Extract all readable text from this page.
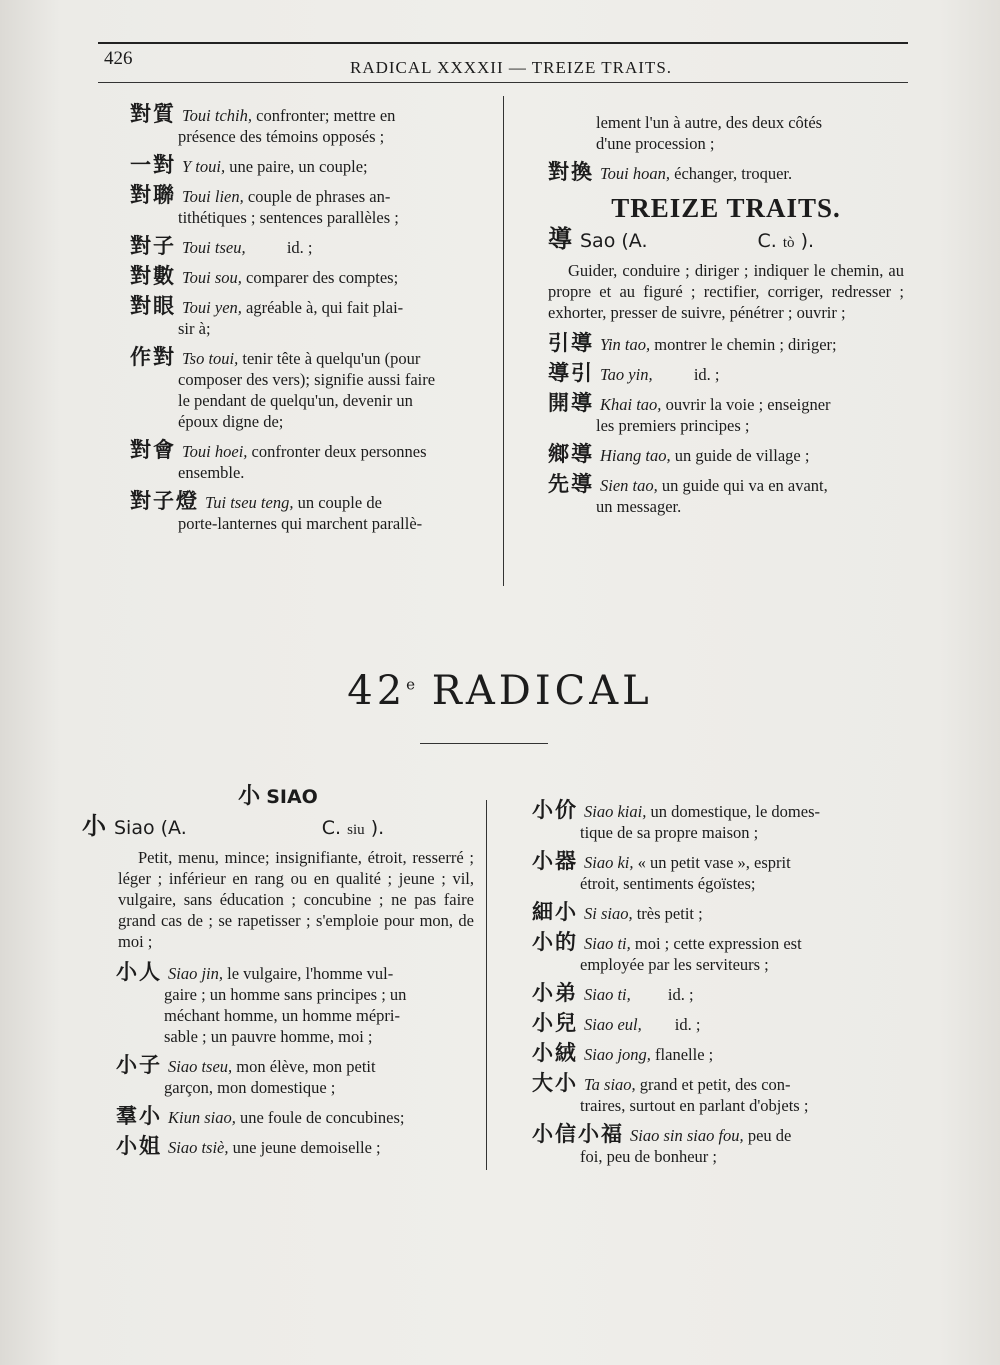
426	RADICAL XXXXII — TREIZE TRAITS.
對質 Toui tchih, confronter; mettre en
présence des témoins opposés ;
一對 Y toui, une paire, un couple;
對聯 Toui lien, couple de phrases an-
tithétiques ; sentences parallèles ;
對子 Toui tseu,          id. ;
對數 Toui sou, comparer des comptes;
對眼 Toui yen, agréable à, qui fait plai-
sir à;
作對 Tso toui, tenir tête à quelqu'un (pour
composer des vers); signifie aussi faire
le pendant de quelqu'un, devenir un
époux digne de;
對會 Toui hoei, confronter deux personnes
ensemble.
對子燈 Tui tseu teng, un couple de
porte-lanternes qui marchent parallè-
lement l'un à autre, des deux côtés
d'une procession ;
對換 Toui hoan, échanger, troquer.
TREIZE TRAITS.
導 Sao (A.	C. tò ).
Guider, conduire ; diriger ; indiquer le chemin, au propre et au figuré ; rectifier, corriger, redresser ; exhorter, presser de suivre, pénétrer ; ouvrir ;
引導 Yin tao, montrer le chemin ; diriger;
導引 Tao yin,          id. ;
開導 Khai tao, ouvrir la voie ; enseigner
les premiers principes ;
鄉導 Hiang tao, un guide de village ;
先導 Sien tao, un guide qui va en avant,
un messager.
42e RADICAL
小 SIAO
小 Siao (A.	C. siu ).
Petit, menu, mince; insignifiante, étroit, resserré ; léger ; inférieur en rang ou en qualité ; jeune ; vil, vulgaire, sans éducation ; concubine ; ne pas faire grand cas de ; se rapetisser ; s'emploie pour mon, de moi ;
小人 Siao jin, le vulgaire, l'homme vul-
gaire ; un homme sans principes ; un
méchant homme, un homme mépri-
sable ; un pauvre homme, moi ;
小子 Siao tseu, mon élève, mon petit
garçon, mon domestique ;
羣小 Kiun siao, une foule de concubines;
小姐 Siao tsiè, une jeune demoiselle ;
小价 Siao kiai, un domestique, le domes-
tique de sa propre maison ;
小器 Siao ki, « un petit vase », esprit
étroit, sentiments égoïstes;
細小 Si siao, très petit ;
小的 Siao ti, moi ; cette expression est
employée par les serviteurs ;
小弟 Siao ti,         id. ;
小兒 Siao eul,        id. ;
小絨 Siao jong, flanelle ;
大小 Ta siao, grand et petit, des con-
traires, surtout en parlant d'objets ;
小信小福 Siao sin siao fou, peu de
foi, peu de bonheur ;
